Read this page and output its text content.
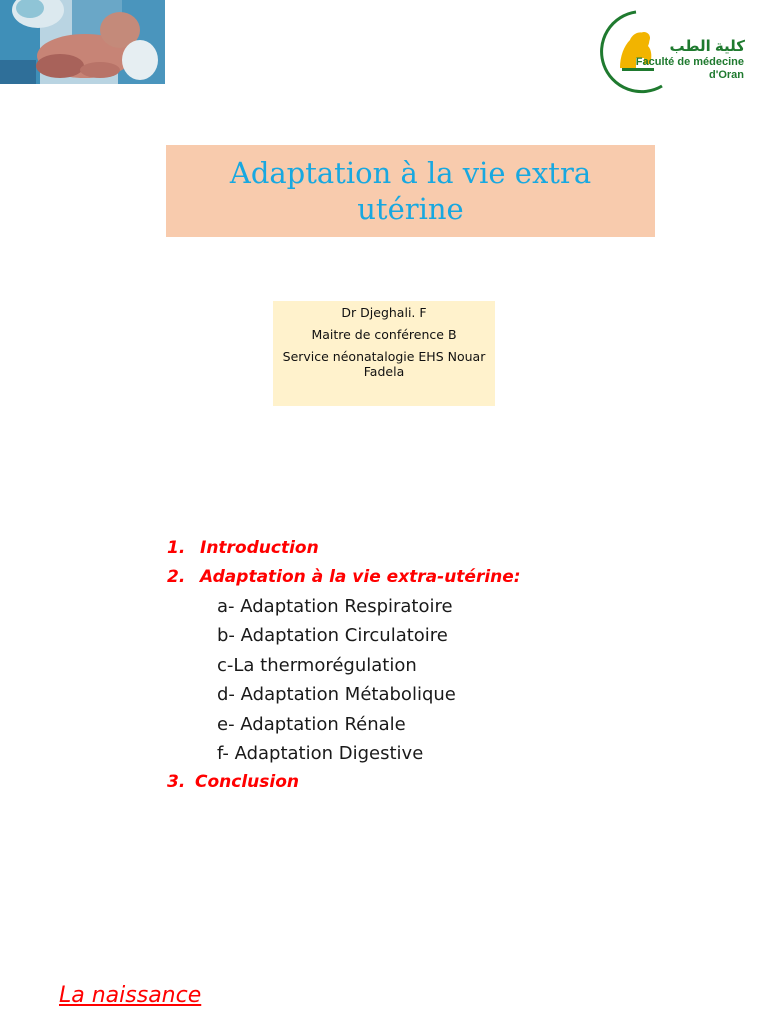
كلية الطب
Faculté de médecine
d'Oran
Adaptation à la vie extra
utérine
Dr Djeghali. F
Maitre de conférence B
Service néonatalogie EHS Nouar Fadela
1. Introduction
2. Adaptation à la vie extra-utérine:
a- Adaptation Respiratoire
b- Adaptation Circulatoire
c-La thermorégulation
d- Adaptation Métabolique
e- Adaptation Rénale
f- Adaptation Digestive
3. Conclusion
La naissance
